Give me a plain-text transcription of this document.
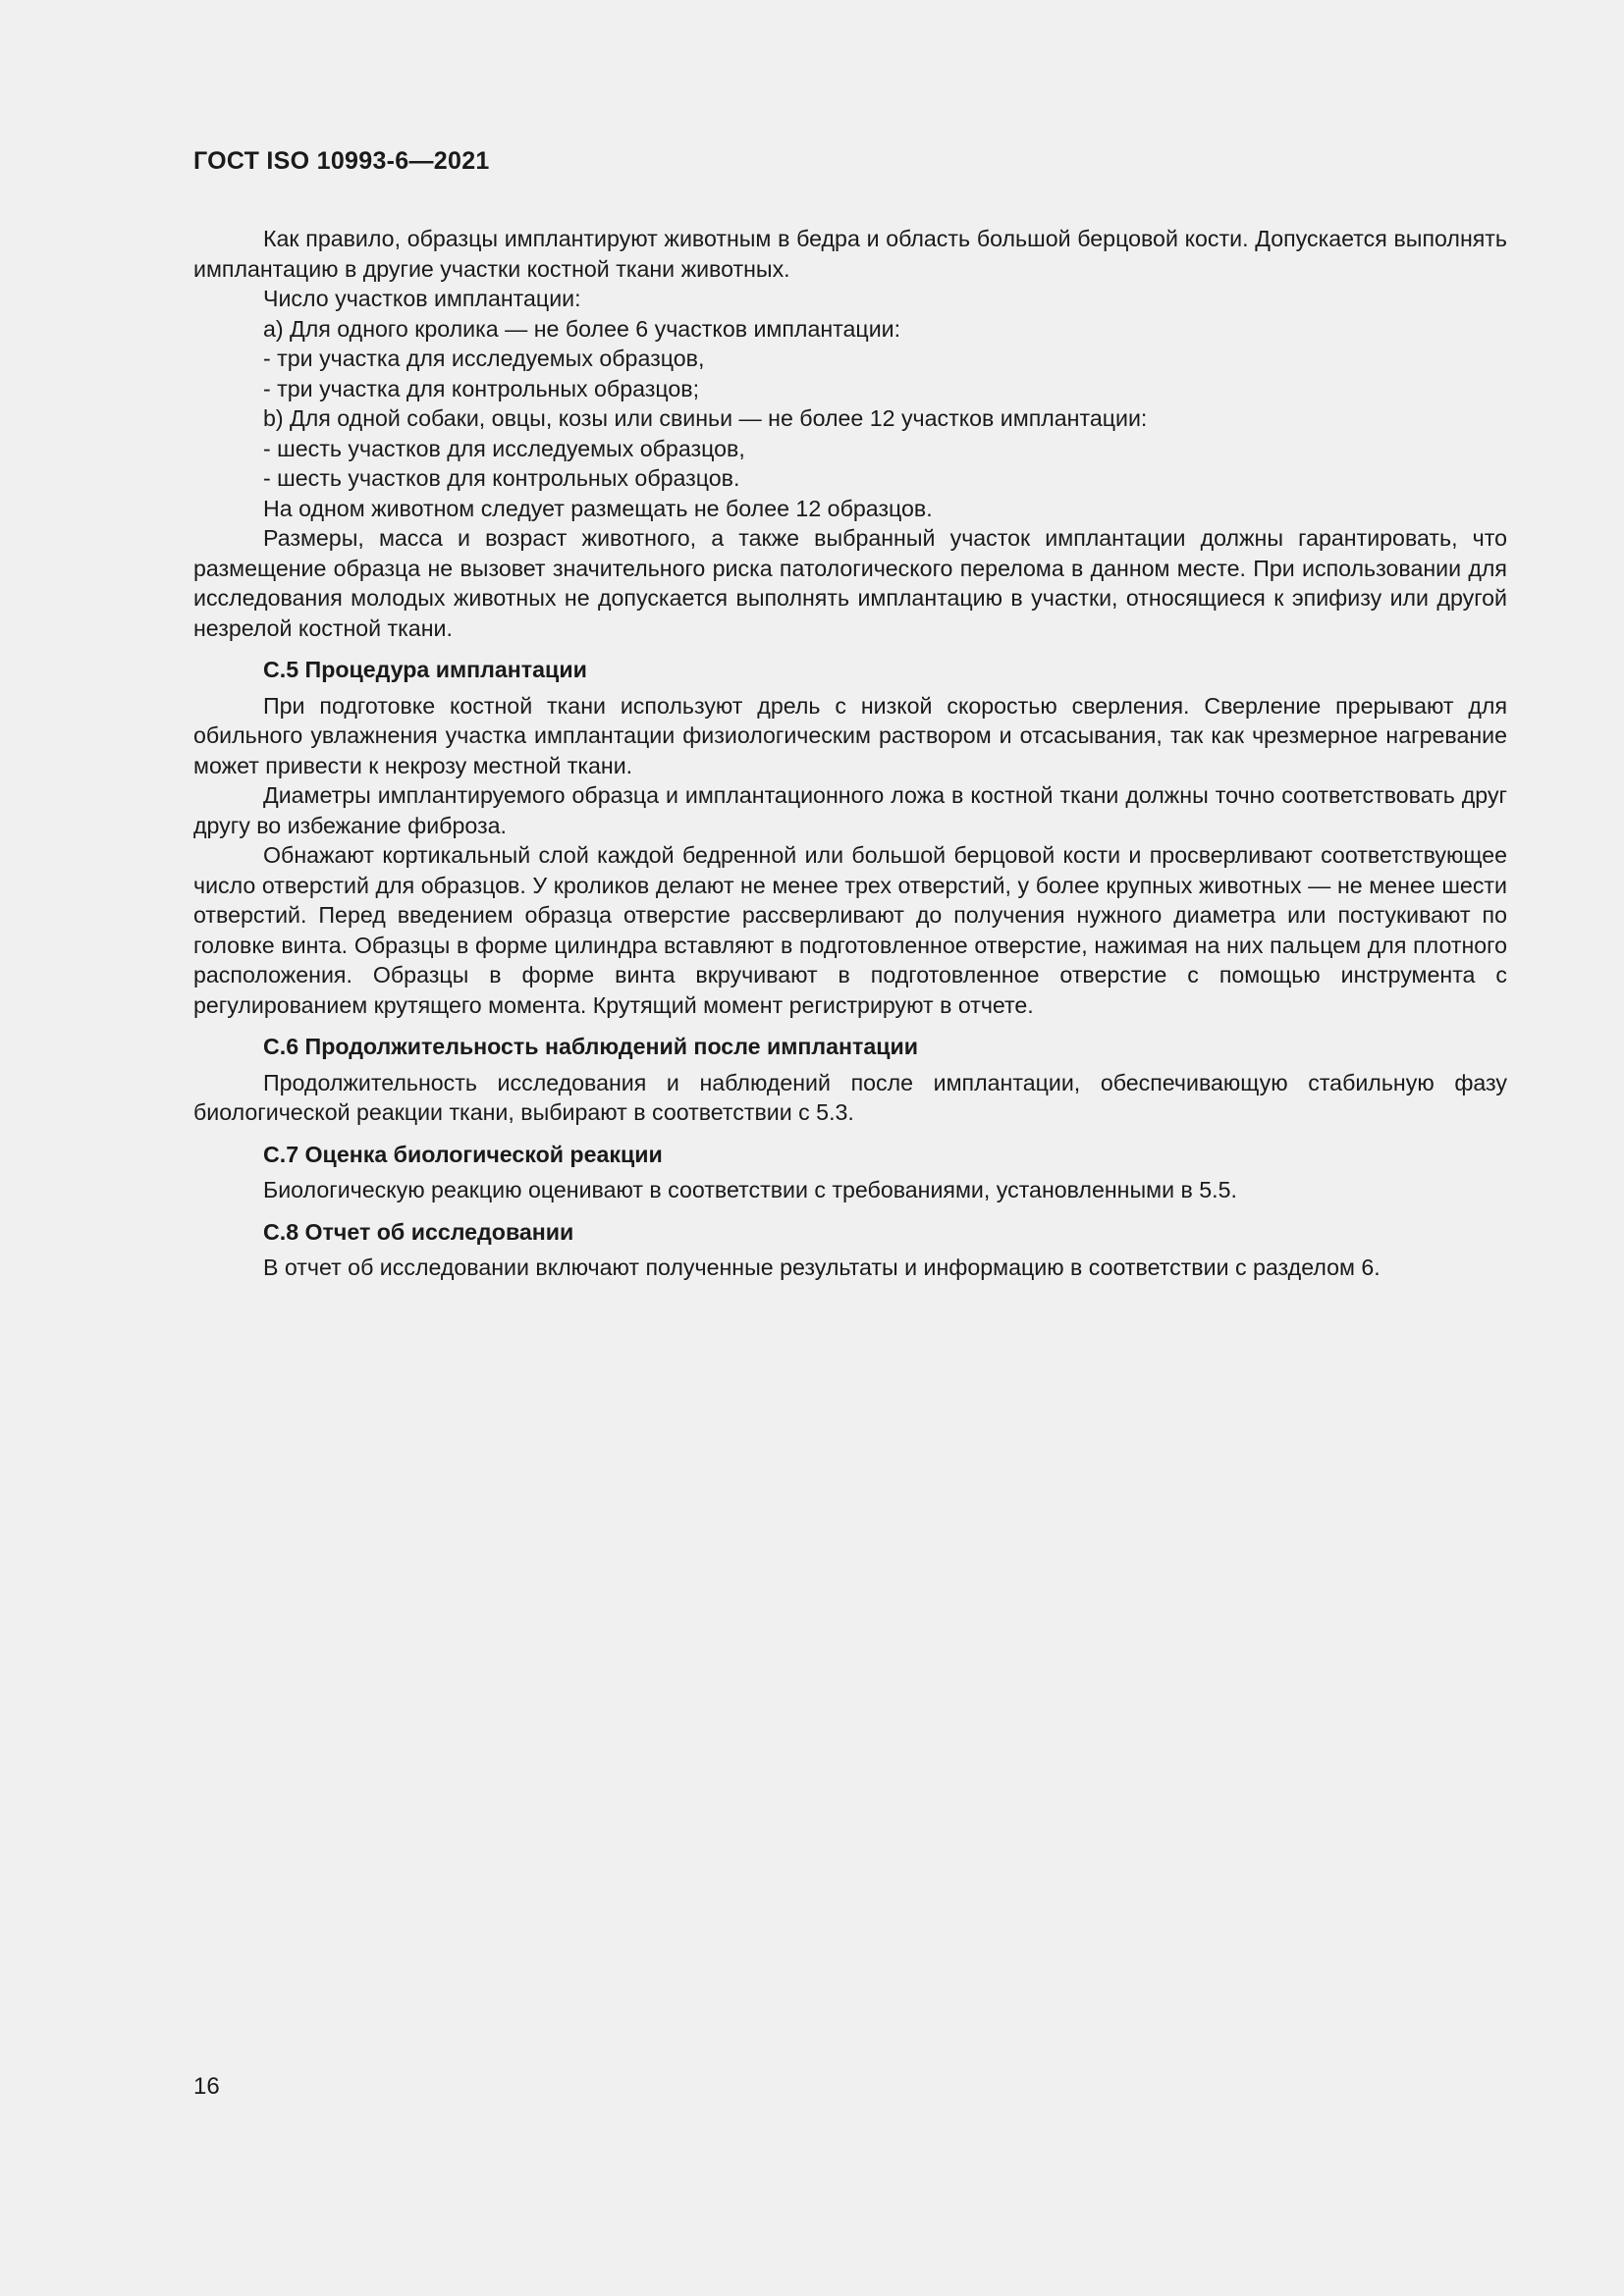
ГОСТ ISO 10993-6—2021

Как правило, образцы имплантируют животным в бедра и область большой берцовой кости. Допускается выполнять имплантацию в другие участки костной ткани животных.

Число участков имплантации:

a) Для одного кролика — не более 6 участков имплантации:

- три участка для исследуемых образцов,

- три участка для контрольных образцов;

b) Для одной собаки, овцы, козы или свиньи — не более 12 участков имплантации:

- шесть участков для исследуемых образцов,

- шесть участков для контрольных образцов.

На одном животном следует размещать не более 12 образцов.

Размеры, масса и возраст животного, а также выбранный участок имплантации должны гарантировать, что размещение образца не вызовет значительного риска патологического перелома в данном месте. При использовании для исследования молодых животных не допускается выполнять имплантацию в участки, относящиеся к эпифизу или другой незрелой костной ткани.

С.5 Процедура имплантации

При подготовке костной ткани используют дрель с низкой скоростью сверления. Сверление прерывают для обильного увлажнения участка имплантации физиологическим раствором и отсасывания, так как чрезмерное нагревание может привести к некрозу местной ткани.

Диаметры имплантируемого образца и имплантационного ложа в костной ткани должны точно соответствовать друг другу во избежание фиброза.

Обнажают кортикальный слой каждой бедренной или большой берцовой кости и просверливают соответствующее число отверстий для образцов. У кроликов делают не менее трех отверстий, у более крупных животных — не менее шести отверстий. Перед введением образца отверстие рассверливают до получения нужного диаметра или постукивают по головке винта. Образцы в форме цилиндра вставляют в подготовленное отверстие, нажимая на них пальцем для плотного расположения. Образцы в форме винта вкручивают в подготовленное отверстие с помощью инструмента с регулированием крутящего момента. Крутящий момент регистрируют в отчете.

С.6 Продолжительность наблюдений после имплантации

Продолжительность исследования и наблюдений после имплантации, обеспечивающую стабильную фазу биологической реакции ткани, выбирают в соответствии с 5.3.

С.7 Оценка биологической реакции

Биологическую реакцию оценивают в соответствии с требованиями, установленными в 5.5.

С.8 Отчет об исследовании

В отчет об исследовании включают полученные результаты и информацию в соответствии с разделом 6.

16
